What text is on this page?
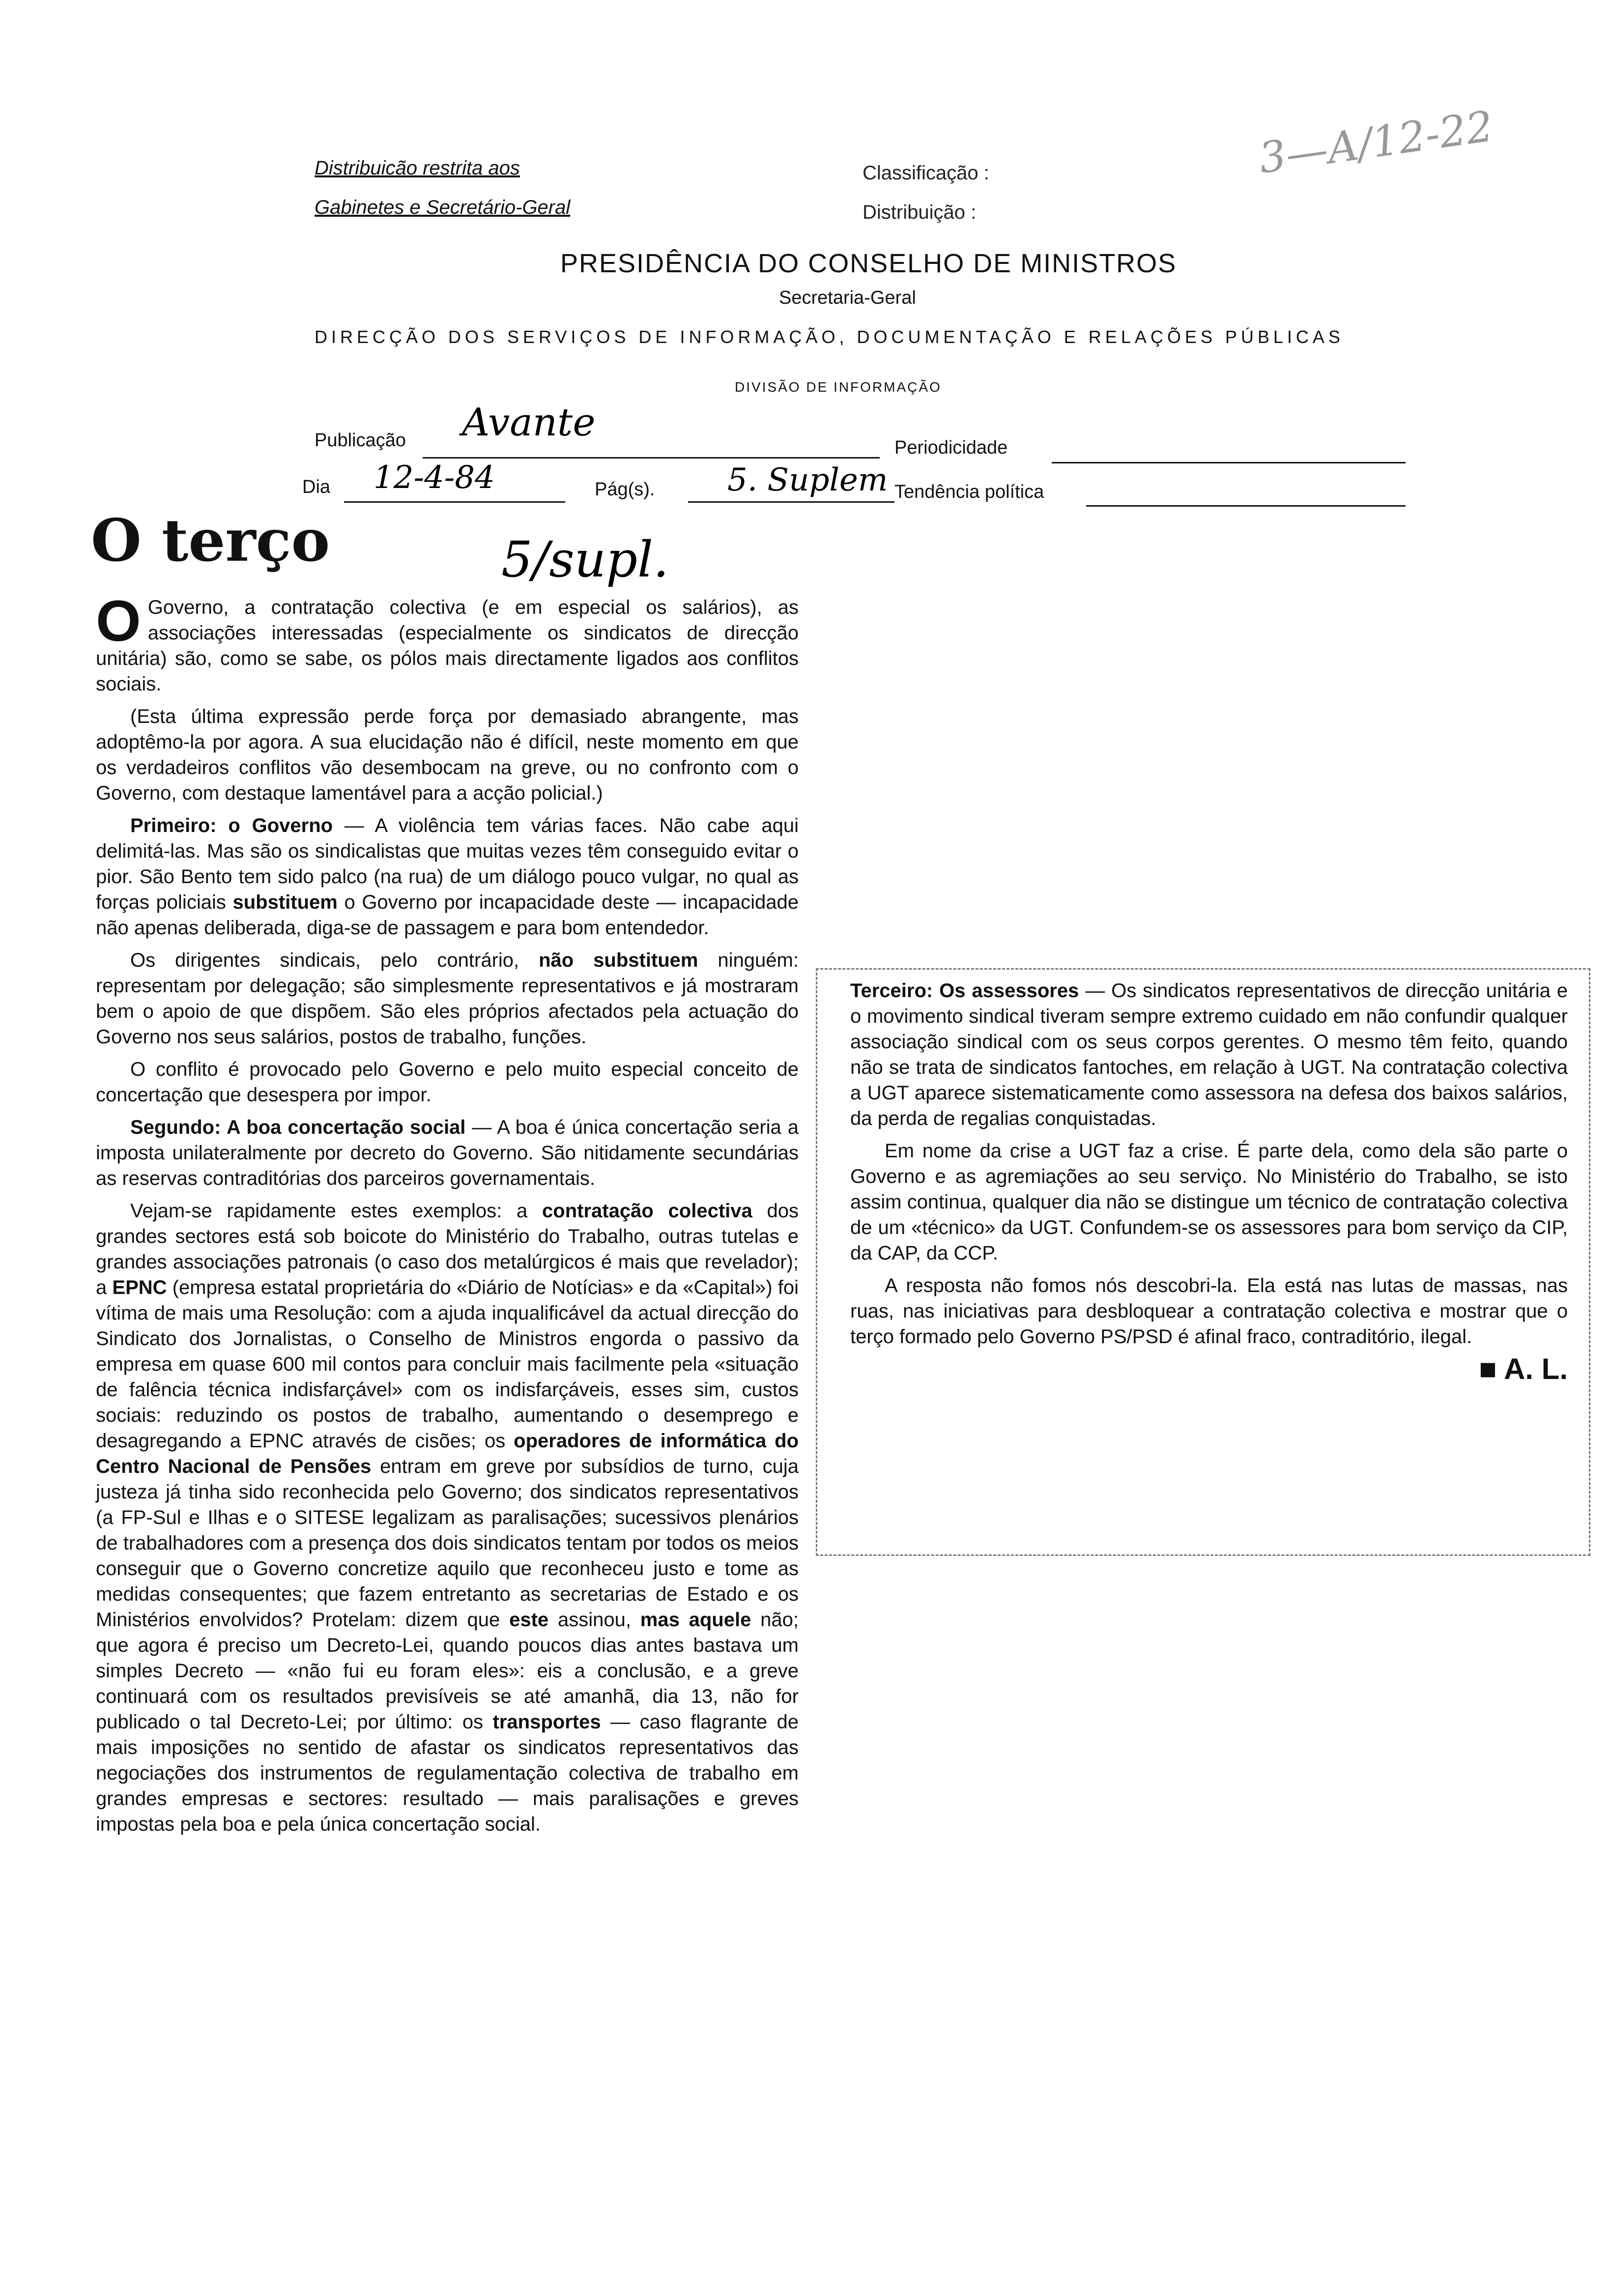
Distribuicão restrita aos
Gabinetes e Secretário-Geral
Classificação :
Distribuição :
3—A/12-22
PRESIDÊNCIA DO CONSELHO DE MINISTROS
Secretaria-Geral
DIRECÇÃO DOS SERVIÇOS DE INFORMAÇÃO, DOCUMENTAÇÃO E RELAÇÕES PÚBLICAS
DIVISÃO DE INFORMAÇÃO
Publicação Avante
Periodicidade
Dia 12-4-84	Pág(s). 5. Suplem Tendência política
O terço	5/supl.

O Governo, a contratação colectiva (e em especial os salários), as associações interessadas (especialmente os sindicatos de direcção unitária) são, como se sabe, os pólos mais directamente ligados aos conflitos sociais.

(Esta última expressão perde força por demasiado abrangente, mas adoptêmo-la por agora. A sua elucidação não é difícil, neste momento em que os verdadeiros conflitos vão desembocam na greve, ou no confronto com o Governo, com destaque lamentável para a acção policial.)

Primeiro: o Governo — A violência tem várias faces. Não cabe aqui delimitá-las. Mas são os sindicalistas que muitas vezes têm conseguido evitar o pior. São Bento tem sido palco (na rua) de um diálogo pouco vulgar, no qual as forças policiais substituem o Governo por incapacidade deste — incapacidade não apenas deliberada, diga-se de passagem e para bom entendedor.

Os dirigentes sindicais, pelo contrário, não substituem ninguém: representam por delegação; são simplesmente representativos e já mostraram bem o apoio de que dispõem. São eles próprios afectados pela actuação do Governo nos seus salários, postos de trabalho, funções.

O conflito é provocado pelo Governo e pelo muito especial conceito de concertação que desespera por impor.

Segundo: A boa concertação social — A boa é única concertação seria a imposta unilateralmente por decreto do Governo. São nitidamente secundárias as reservas contraditórias dos parceiros governamentais.

Vejam-se rapidamente estes exemplos: a contratação colectiva dos grandes sectores está sob boicote do Ministério do Trabalho, outras tutelas e grandes associações patronais (o caso dos metalúrgicos é mais que revelador); a EPNC (empresa estatal proprietária do «Diário de Notícias» e da «Capital») foi vítima de mais uma Resolução: com a ajuda inqualificável da actual direcção do Sindicato dos Jornalistas, o Conselho de Ministros engorda o passivo da empresa em quase 600 mil contos para concluir mais facilmente pela «situação de falência técnica indisfarçável» com os indisfarçáveis, esses sim, custos sociais: reduzindo os postos de trabalho, aumentando o desemprego e desagregando a EPNC através de cisões; os operadores de informática do Centro Nacional de Pensões entram em greve por subsídios de turno, cuja justeza já tinha sido reconhecida pelo Governo; dos sindicatos representativos (a FP-Sul e Ilhas e o SITESE legalizam as paralisações; sucessivos plenários de trabalhadores com a presença dos dois sindicatos tentam por todos os meios conseguir que o Governo concretize aquilo que reconheceu justo e tome as medidas consequentes; que fazem entretanto as secretarias de Estado e os Ministérios envolvidos? Protelam: dizem que este assinou, mas aquele não; que agora é preciso um Decreto-Lei, quando poucos dias antes bastava um simples Decreto — «não fui eu foram eles»: eis a conclusão, e a greve continuará com os resultados previsíveis se até amanhã, dia 13, não for publicado o tal Decreto-Lei; por último: os transportes — caso flagrante de mais imposições no sentido de afastar os sindicatos representativos das negociações dos instrumentos de regulamentação colectiva de trabalho em grandes empresas e sectores: resultado — mais paralisações e greves impostas pela boa e pela única concertação social.

Terceiro: Os assessores — Os sindicatos representativos de direcção unitária e o movimento sindical tiveram sempre extremo cuidado em não confundir qualquer associação sindical com os seus corpos gerentes. O mesmo têm feito, quando não se trata de sindicatos fantoches, em relação à UGT. Na contratação colectiva a UGT aparece sistematicamente como assessora na defesa dos baixos salários, da perda de regalias conquistadas.

Em nome da crise a UGT faz a crise. É parte dela, como dela são parte o Governo e as agremiações ao seu serviço. No Ministério do Trabalho, se isto assim continua, qualquer dia não se distingue um técnico de contratação colectiva de um «técnico» da UGT. Confundem-se os assessores para bom serviço da CIP, da CAP, da CCP.

A resposta não fomos nós descobri-la. Ela está nas lutas de massas, nas ruas, nas iniciativas para desbloquear a contratação colectiva e mostrar que o terço formado pelo Governo PS/PSD é afinal fraco, contraditório, ilegal.

■ A. L.
